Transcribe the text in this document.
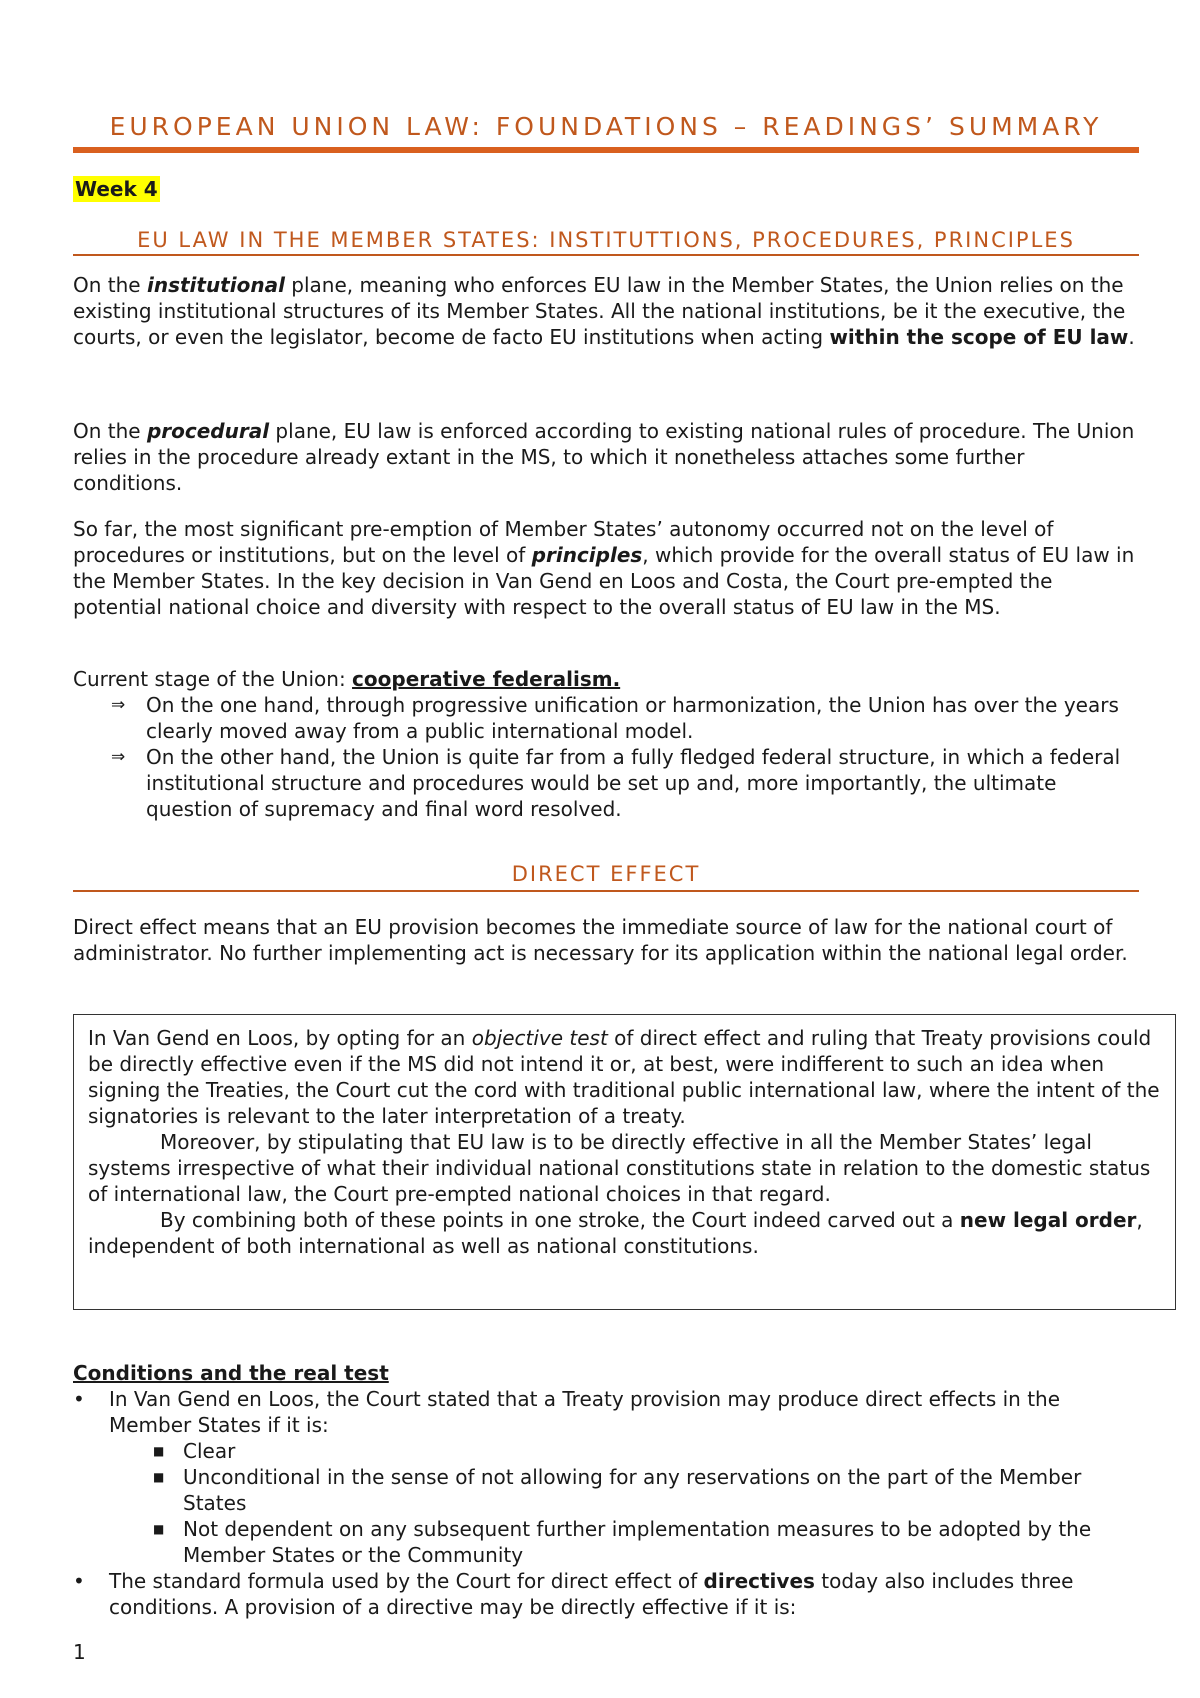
EUROPEAN UNION LAW: FOUNDATIONS – READINGS’ SUMMARY
Week 4
EU LAW IN THE MEMBER STATES: INSTITUTTIONS, PROCEDURES, PRINCIPLES

On the institutional plane, meaning who enforces EU law in the Member States, the Union relies on the existing institutional structures of its Member States. All the national institutions, be it the executive, the courts, or even the legislator, become de facto EU institutions when acting within the scope of EU law.

On the procedural plane, EU law is enforced according to existing national rules of procedure. The Union relies in the procedure already extant in the MS, to which it nonetheless attaches some further conditions.

So far, the most significant pre-emption of Member States’ autonomy occurred not on the level of procedures or institutions, but on the level of principles, which provide for the overall status of EU law in the Member States. In the key decision in Van Gend en Loos and Costa, the Court pre-empted the potential national choice and diversity with respect to the overall status of EU law in the MS.

Current stage of the Union: cooperative federalism.

⇒ On the one hand, through progressive unification or harmonization, the Union has over the years clearly moved away from a public international model.
⇒ On the other hand, the Union is quite far from a fully fledged federal structure, in which a federal institutional structure and procedures would be set up and, more importantly, the ultimate question of supremacy and final word resolved.
DIRECT EFFECT

Direct effect means that an EU provision becomes the immediate source of law for the national court of administrator. No further implementing act is necessary for its application within the national legal order.

In Van Gend en Loos, by opting for an objective test of direct effect and ruling that Treaty provisions could be directly effective even if the MS did not intend it or, at best, were indifferent to such an idea when signing the Treaties, the Court cut the cord with traditional public international law, where the intent of the signatories is relevant to the later interpretation of a treaty.

Moreover, by stipulating that EU law is to be directly effective in all the Member States’ legal systems irrespective of what their individual national constitutions state in relation to the domestic status of international law, the Court pre-empted national choices in that regard.

By combining both of these points in one stroke, the Court indeed carved out a new legal order, independent of both international as well as national constitutions.

Conditions and the real test
• In Van Gend en Loos, the Court stated that a Treaty provision may produce direct effects in the Member States if it is:
■ Clear
■ Unconditional in the sense of not allowing for any reservations on the part of the Member States
■ Not dependent on any subsequent further implementation measures to be adopted by the Member States or the Community
• The standard formula used by the Court for direct effect of directives today also includes three conditions. A provision of a directive may be directly effective if it is:
1
